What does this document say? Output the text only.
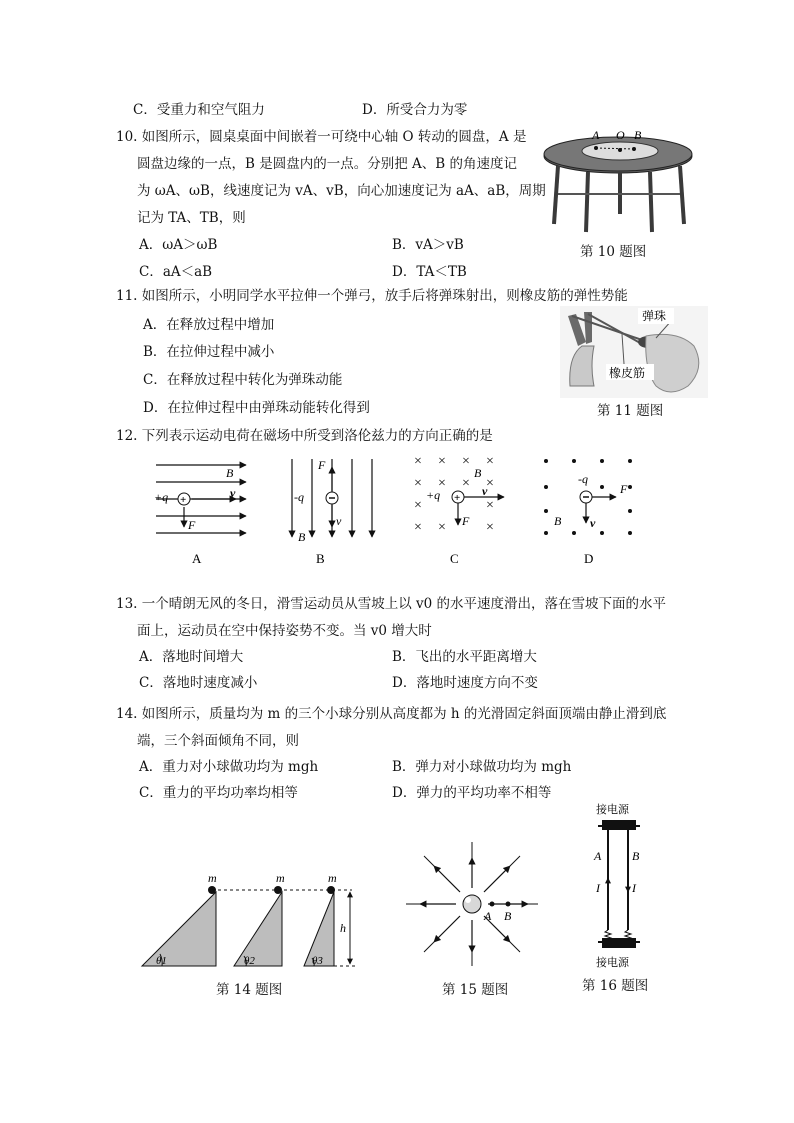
C．受重力和空气阻力	D．所受合力为零
10. 如图所示，圆桌桌面中间嵌着一可绕中心轴 O 转动的圆盘，A 是
圆盘边缘的一点，B 是圆盘内的一点。分别把 A、B 的角速度记
为 ωA、ωB，线速度记为 vA、vB，向心加速度记为 aA、aB，周期
记为 TA、TB，则
A．ωA＞ωB	B．vA＞vB
C．aA＜aB	D．TA＜TB
A O B
第 10 题图
11. 如图所示，小明同学水平拉伸一个弹弓，放手后将弹珠射出，则橡皮筋的弹性势能
A．在释放过程中增加
B．在拉伸过程中减小
C．在释放过程中转化为弹珠动能
D．在拉伸过程中由弹珠动能转化得到
弹珠
橡皮筋
第 11 题图
12. 下列表示运动电荷在磁场中所受到洛伦兹力的方向正确的是
+
B
+q	v
F
A
F
-q
v
B
B
× × × ×
× × × ×
×	×
× ×	×
+
B
+q	v
F
C
-q
F
B v
D
13. 一个晴朗无风的冬日，滑雪运动员从雪坡上以 v0 的水平速度滑出，落在雪坡下面的水平
面上，运动员在空中保持姿势不变。当 v0 增大时
A．落地时间增大	B．飞出的水平距离增大
C．落地时速度减小	D．落地时速度方向不变
14. 如图所示，质量均为 m 的三个小球分别从高度都为 h 的光滑固定斜面顶端由静止滑到底
端，三个斜面倾角不同，则
A．重力对小球做功均为 mgh	B．弹力对小球做功均为 mgh
C．重力的平均功率均相等	D．弹力的平均功率不相等
m	m	m
h
θ1	θ2	θ3
第 14 题图
A B
第 15 题图
接电源
A	B
I	I
接电源
第 16 题图
